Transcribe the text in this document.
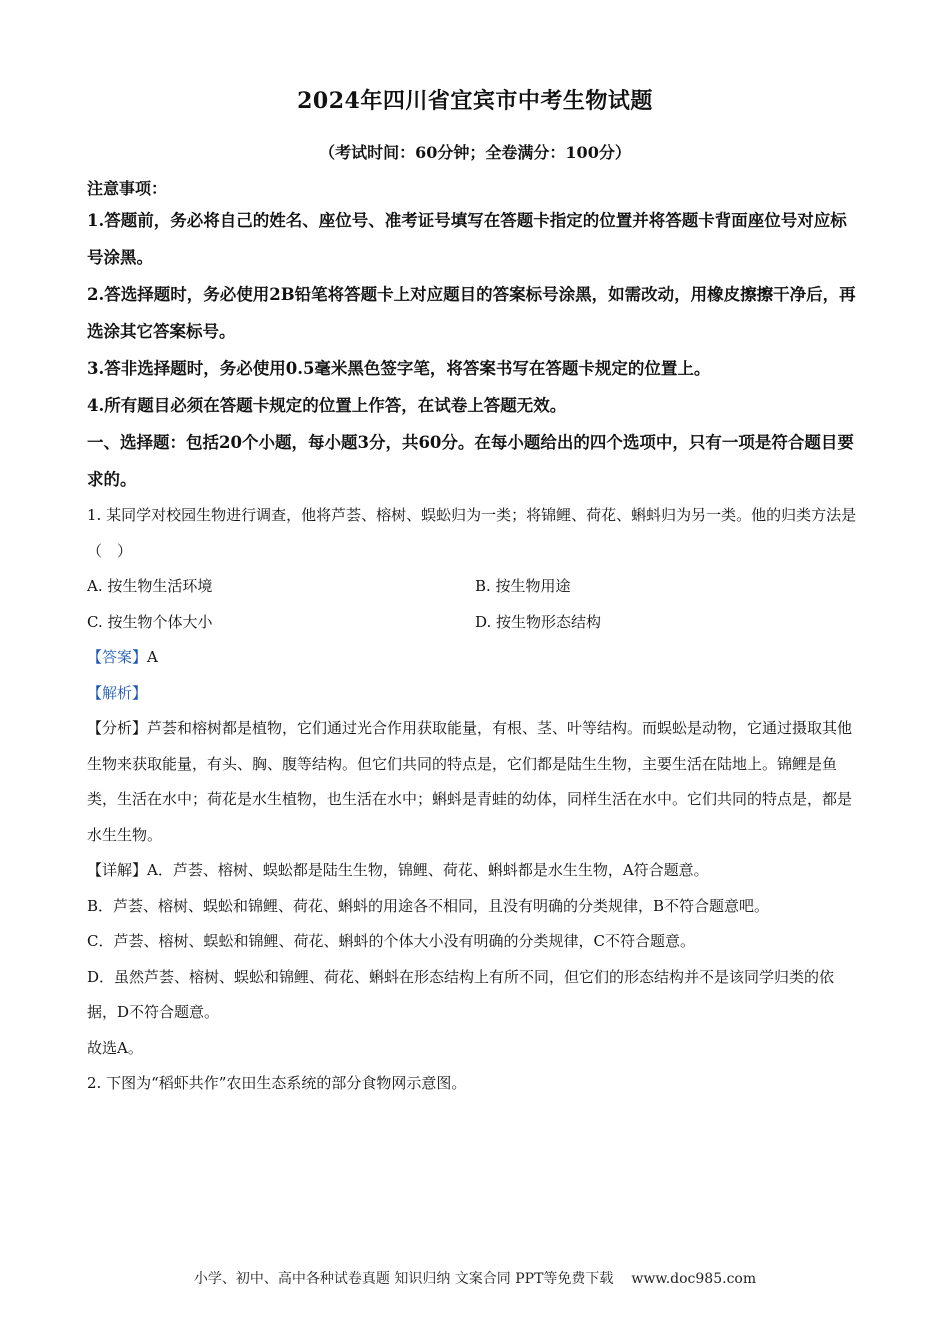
2024年四川省宜宾市中考生物试题
（考试时间：60分钟；全卷满分：100分）

注意事项：

1.答题前，务必将自己的姓名、座位号、准考证号填写在答题卡指定的位置并将答题卡背面座位号对应标号涂黑。

2.答选择题时，务必使用2B铅笔将答题卡上对应题目的答案标号涂黑，如需改动，用橡皮擦擦干净后，再选涂其它答案标号。

3.答非选择题时，务必使用0.5毫米黑色签字笔，将答案书写在答题卡规定的位置上。

4.所有题目必须在答题卡规定的位置上作答，在试卷上答题无效。

一、选择题：包括20个小题，每小题3分，共60分。在每小题给出的四个选项中，只有一项是符合题目要求的。

1. 某同学对校园生物进行调查，他将芦荟、榕树、蜈蚣归为一类；将锦鲤、荷花、蝌蚪归为另一类。他的归类方法是（　）

A. 按生物生活环境	B. 按生物用途
C. 按生物个体大小	D. 按生物形态结构

【答案】A

【解析】

【分析】芦荟和榕树都是植物，它们通过光合作用获取能量，有根、茎、叶等结构。而蜈蚣是动物，它通过摄取其他生物来获取能量，有头、胸、腹等结构。但它们共同的特点是，它们都是陆生生物，主要生活在陆地上。锦鲤是鱼类，生活在水中；荷花是水生植物，也生活在水中；蝌蚪是青蛙的幼体，同样生活在水中。它们共同的特点是，都是水生生物。

【详解】A．芦荟、榕树、蜈蚣都是陆生生物，锦鲤、荷花、蝌蚪都是水生生物，A符合题意。

B．芦荟、榕树、蜈蚣和锦鲤、荷花、蝌蚪的用途各不相同，且没有明确的分类规律，B不符合题意吧。

C．芦荟、榕树、蜈蚣和锦鲤、荷花、蝌蚪的个体大小没有明确的分类规律，C不符合题意。

D．虽然芦荟、榕树、蜈蚣和锦鲤、荷花、蝌蚪在形态结构上有所不同，但它们的形态结构并不是该同学归类的依据，D不符合题意。

故选A。

2. 下图为“稻虾共作”农田生态系统的部分食物网示意图。

小学、初中、高中各种试卷真题 知识归纳 文案合同 PPT等免费下载 www.doc985.com
